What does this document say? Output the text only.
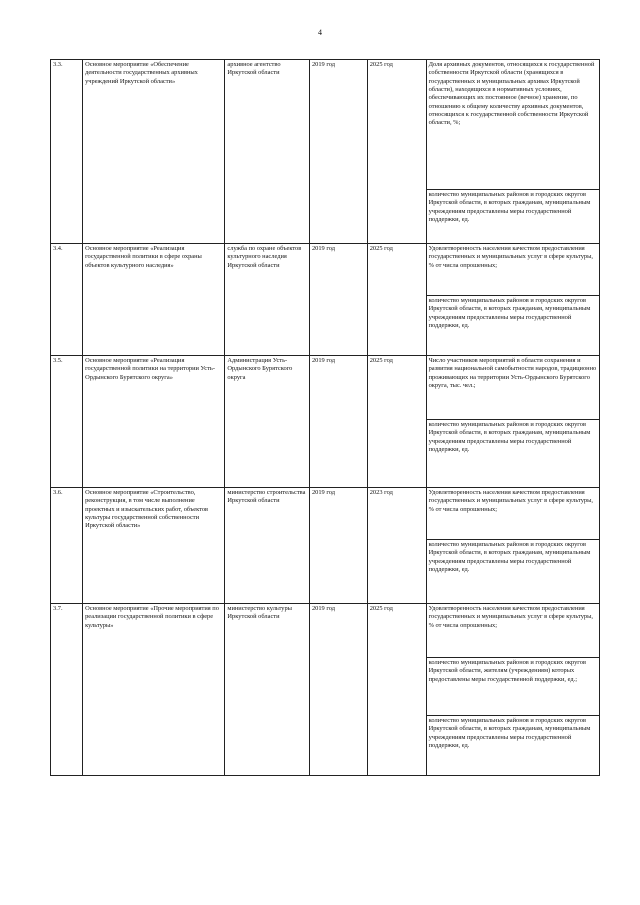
4
3.3.	Основное мероприятие «Обеспечение деятельности государственных архивных учреждений Иркутской области»	архивное агентство Иркутской области	2019 год	2025 год	Доля архивных документов, относящихся к государственной собственности Иркутской области (хранящихся в государственных и муниципальных архивах Иркутской области), находящихся в нормативных условиях, обеспечивающих их постоянное (вечное) хранение, по отношению к общему количеству архивных документов, относящихся к государственной собственности Иркутской области, %;
					количество муниципальных районов и городских округов Иркутской области, в которых гражданам, муниципальным учреждениям предоставлены меры государственной поддержки, ед.
3.4.	Основное мероприятие «Реализация государственной политики в сфере охраны объектов культурного наследия»	служба по охране объектов культурного наследия Иркутской области	2019 год	2025 год	Удовлетворенность населения качеством предоставления государственных и муниципальных услуг в сфере культуры, % от числа опрошенных;
					количество муниципальных районов и городских округов Иркутской области, в которых гражданам, муниципальным учреждениям предоставлены меры государственной поддержки, ед.
3.5.	Основное мероприятие «Реализация государственной политики на территории Усть-Ордынского Бурятского округа»	Администрация Усть-Ордынского Бурятского округа	2019 год	2025 год	Число участников мероприятий в области сохранения и развития национальной самобытности народов, традиционно проживающих на территории Усть-Ордынского Бурятского округа, тыс. чел.;
					количество муниципальных районов и городских округов Иркутской области, в которых гражданам, муниципальным учреждениям предоставлены меры государственной поддержки, ед.
3.6.	Основное мероприятие «Строительство, реконструкция, в том числе выполнение проектных и изыскательских работ, объектов культуры государственной собственности Иркутской области»	министерство строительства Иркутской области	2019 год	2023 год	Удовлетворенность населения качеством предоставления государственных и муниципальных услуг в сфере культуры, % от числа опрошенных;
					количество муниципальных районов и городских округов Иркутской области, в которых гражданам, муниципальным учреждениям предоставлены меры государственной поддержки, ед.
3.7.	Основное мероприятие «Прочие мероприятия по реализации государственной политики в сфере культуры»	министерство культуры Иркутской области	2019 год	2025 год	Удовлетворенность населения качеством предоставления государственных и муниципальных услуг в сфере культуры, % от числа опрошенных;
					количество муниципальных районов и городских округов Иркутской области, жителям (учреждениям) которых предоставлены меры государственной поддержки, ед.;
					количество муниципальных районов и городских округов Иркутской области, в которых гражданам, муниципальным учреждениям предоставлены меры государственной поддержки, ед.
